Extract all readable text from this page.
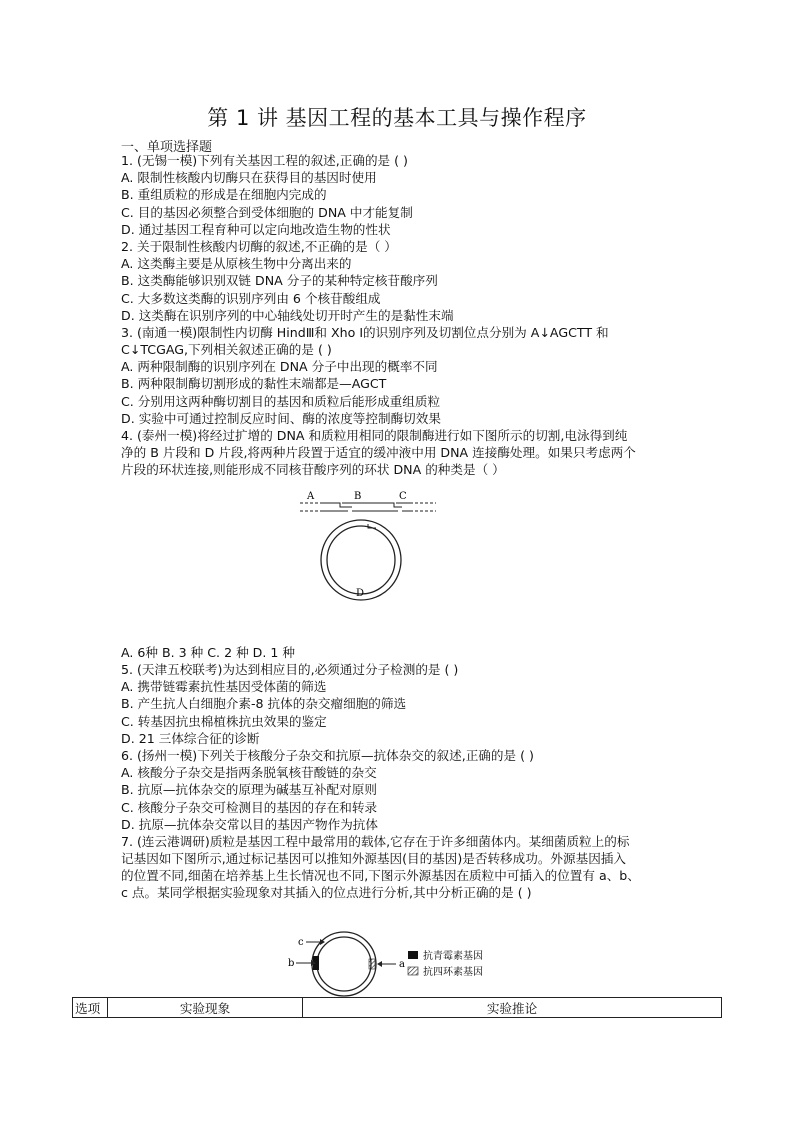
第 1 讲 基因工程的基本工具与操作程序
一、单项选择题
1. (无锡一模)下列有关基因工程的叙述,正确的是 ( )
A. 限制性核酸内切酶只在获得目的基因时使用
B. 重组质粒的形成是在细胞内完成的
C. 目的基因必须整合到受体细胞的 DNA 中才能复制
D. 通过基因工程育种可以定向地改造生物的性状
2. 关于限制性核酸内切酶的叙述,不正确的是（ ）
A. 这类酶主要是从原核生物中分离出来的
B. 这类酶能够识别双链 DNA 分子的某种特定核苷酸序列
C. 大多数这类酶的识别序列由 6 个核苷酸组成
D. 这类酶在识别序列的中心轴线处切开时产生的是黏性末端
3. (南通一模)限制性内切酶 HindⅢ和 Xho Ⅰ的识别序列及切割位点分别为 A↓AGCTT 和
C↓TCGAG,下列相关叙述正确的是 ( )
A. 两种限制酶的识别序列在 DNA 分子中出现的概率不同
B. 两种限制酶切割形成的黏性末端都是—AGCT
C. 分别用这两种酶切割目的基因和质粒后能形成重组质粒
D. 实验中可通过控制反应时间、酶的浓度等控制酶切效果
4. (泰州一模)将经过扩增的 DNA 和质粒用相同的限制酶进行如下图所示的切割,电泳得到纯
净的 B 片段和 D 片段,将两种片段置于适宜的缓冲液中用 DNA 连接酶处理。如果只考虑两个
片段的环状连接,则能形成不同核苷酸序列的环状 DNA 的种类是（ ）
A	B	C
D
A. 6种 B. 3 种 C. 2 种 D. 1 种
5. (天津五校联考)为达到相应目的,必须通过分子检测的是 ( )
A. 携带链霉素抗性基因受体菌的筛选
B. 产生抗人白细胞介素-8 抗体的杂交瘤细胞的筛选
C. 转基因抗虫棉植株抗虫效果的鉴定
D. 21 三体综合征的诊断
6. (扬州一模)下列关于核酸分子杂交和抗原—抗体杂交的叙述,正确的是 ( )
A. 核酸分子杂交是指两条脱氧核苷酸链的杂交
B. 抗原—抗体杂交的原理为碱基互补配对原则
C. 核酸分子杂交可检测目的基因的存在和转录
D. 抗原—抗体杂交常以目的基因产物作为抗体
7. (连云港调研)质粒是基因工程中最常用的载体,它存在于许多细菌体内。某细菌质粒上的标
记基因如下图所示,通过标记基因可以推知外源基因(目的基因)是否转移成功。外源基因插入
的位置不同,细菌在培养基上生长情况也不同,下图示外源基因在质粒中可插入的位置有 a、b、
c 点。某同学根据实验现象对其插入的位点进行分析,其中分析正确的是 ( )
c
b	a
抗青霉素基因
抗四环素基因
选项	实验现象	实验推论
